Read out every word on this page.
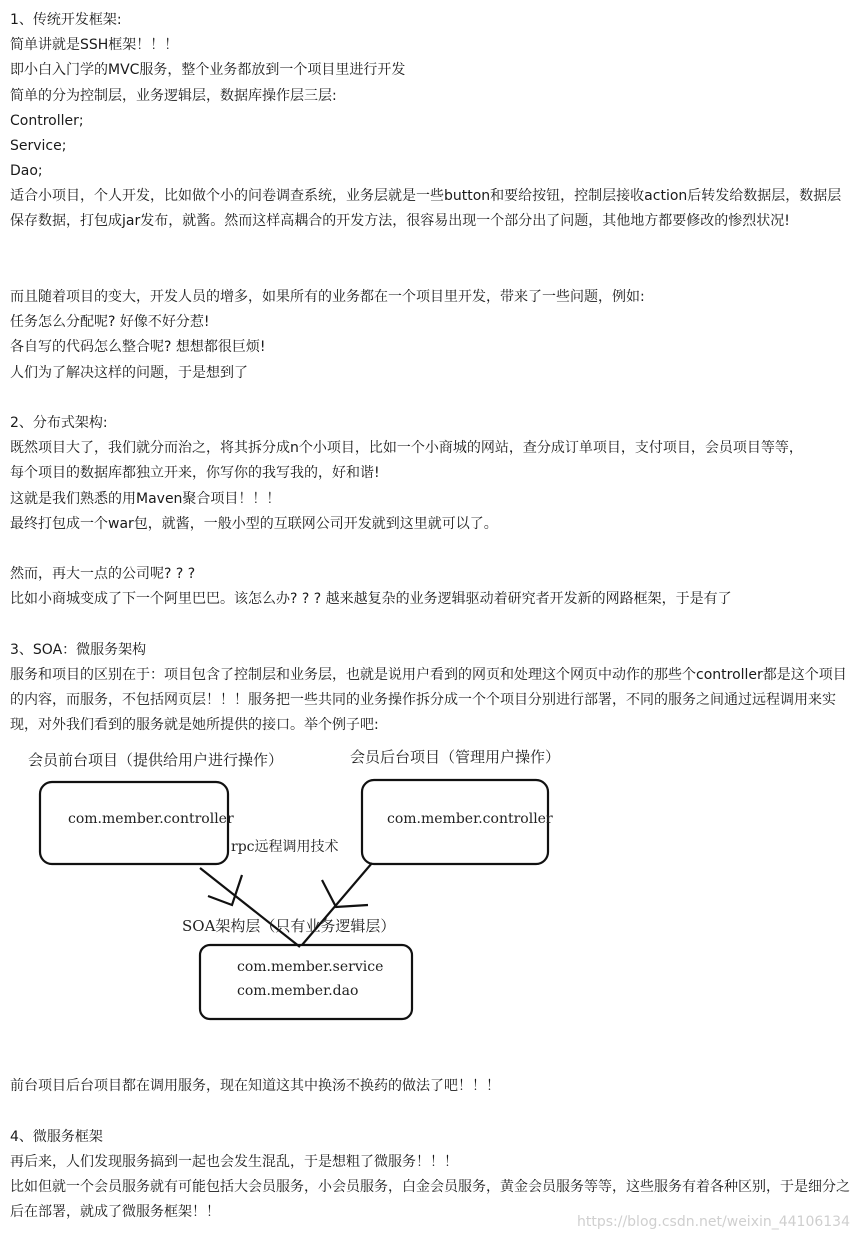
1、传统开发框架:
简单讲就是SSH框架！！！
即小白入门学的MVC服务，整个业务都放到一个项目里进行开发
简单的分为控制层，业务逻辑层，数据库操作层三层:
Controller;
Service;
Dao;
适合小项目，个人开发，比如做个小的问卷调查系统，业务层就是一些button和要给按钮，控制层接收action后转发给数据层，数据层保存数据，打包成jar发布，就酱。然而这样高耦合的开发方法，很容易出现一个部分出了问题，其他地方都要修改的惨烈状况!
而且随着项目的变大，开发人员的增多，如果所有的业务都在一个项目里开发，带来了一些问题，例如:
任务怎么分配呢? 好像不好分惹!
各自写的代码怎么整合呢? 想想都很巨烦!
人们为了解决这样的问题，于是想到了
2、分布式架构:
既然项目大了，我们就分而治之，将其拆分成n个小项目，比如一个小商城的网站，查分成订单项目，支付项目，会员项目等等，
每个项目的数据库都独立开来，你写你的我写我的，好和谐!
这就是我们熟悉的用Maven聚合项目！！！
最终打包成一个war包，就酱，一般小型的互联网公司开发就到这里就可以了。
然而，再大一点的公司呢? ? ?
比如小商城变成了下一个阿里巴巴。该怎么办? ? ? 越来越复杂的业务逻辑驱动着研究者开发新的网路框架，于是有了
3、SOA：微服务架构
服务和项目的区别在于：项目包含了控制层和业务层，也就是说用户看到的网页和处理这个网页中动作的那些个controller都是这个项目的内容，而服务，不包括网页层！！！服务把一些共同的业务操作拆分成一个个项目分别进行部署，不同的服务之间通过远程调用来实现，对外我们看到的服务就是她所提供的接口。举个例子吧:
会员前台项目（提供给用户进行操作）	会员后台项目（管理用户操作）
com.member.controller	com.member.controller
rpc远程调用技术
SOA架构层（只有业务逻辑层）
com.member.service
com.member.dao
前台项目后台项目都在调用服务，现在知道这其中换汤不换药的做法了吧！！！
4、微服务框架
再后来，人们发现服务搞到一起也会发生混乱，于是想粗了微服务！！！
比如但就一个会员服务就有可能包括大会员服务，小会员服务，白金会员服务，黄金会员服务等等，这些服务有着各种区别，于是细分之后在部署，就成了微服务框架！！
https://blog.csdn.net/weixin_44106134
